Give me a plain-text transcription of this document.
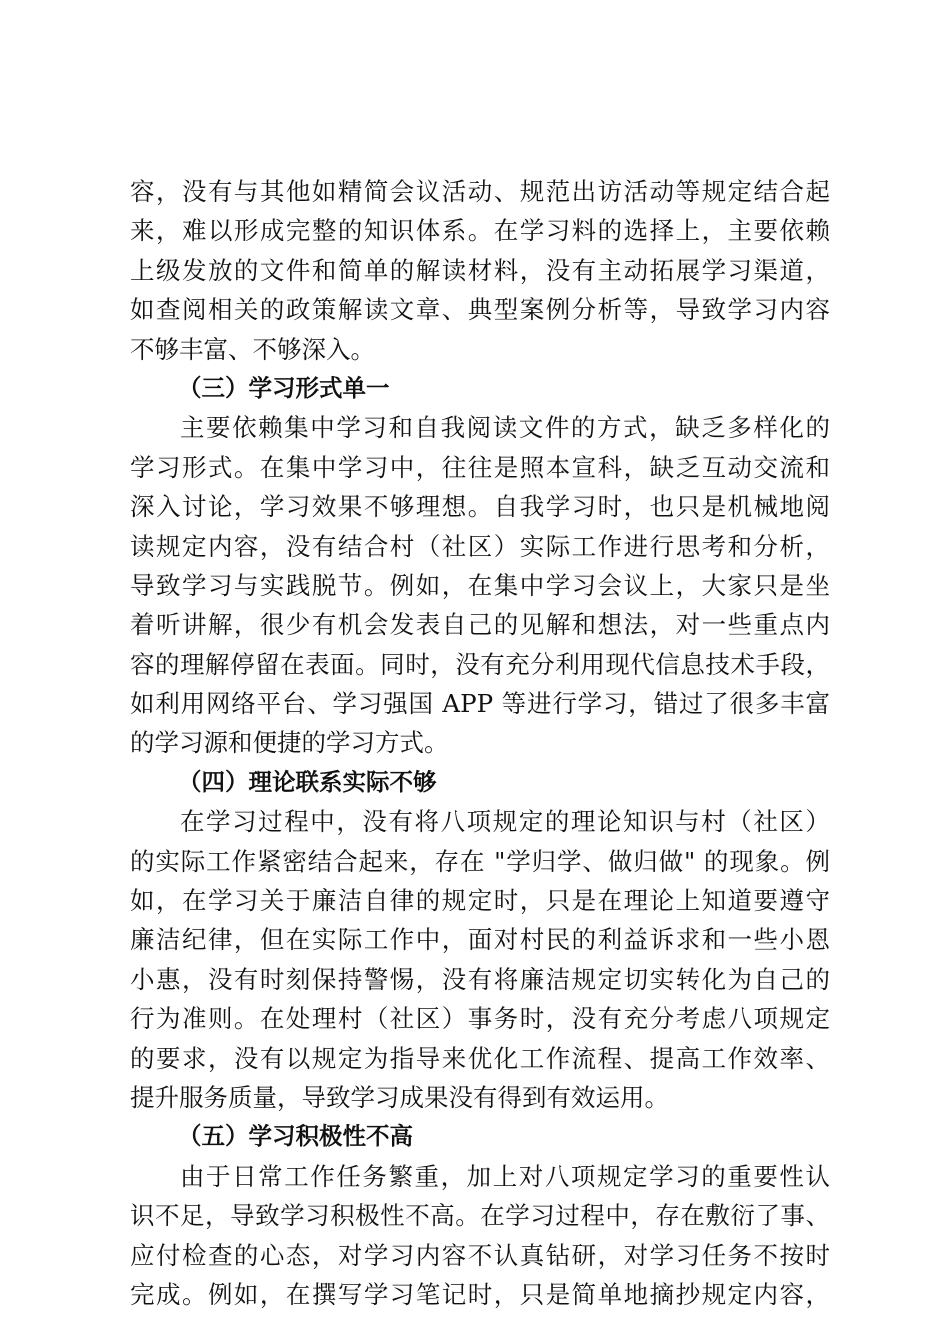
容，没有与其他如精简会议活动、规范出访活动等规定结合起
来，难以形成完整的知识体系。在学习料的选择上，主要依赖
上级发放的文件和简单的解读材料，没有主动拓展学习渠道，
如查阅相关的政策解读文章、典型案例分析等，导致学习内容
不够丰富、不够深入。
（三）学习形式单一
主要依赖集中学习和自我阅读文件的方式，缺乏多样化的
学习形式。在集中学习中，往往是照本宣科，缺乏互动交流和
深入讨论，学习效果不够理想。自我学习时，也只是机械地阅
读规定内容，没有结合村（社区）实际工作进行思考和分析，
导致学习与实践脱节。例如，在集中学习会议上，大家只是坐
着听讲解，很少有机会发表自己的见解和想法，对一些重点内
容的理解停留在表面。同时，没有充分利用现代信息技术手段，
如利用网络平台、学习强国 APP 等进行学习，错过了很多丰富
的学习源和便捷的学习方式。
（四）理论联系实际不够
在学习过程中，没有将八项规定的理论知识与村（社区）
的实际工作紧密结合起来，存在 "学归学、做归做" 的现象。例
如，在学习关于廉洁自律的规定时，只是在理论上知道要遵守
廉洁纪律，但在实际工作中，面对村民的利益诉求和一些小恩
小惠，没有时刻保持警惕，没有将廉洁规定切实转化为自己的
行为准则。在处理村（社区）事务时，没有充分考虑八项规定
的要求，没有以规定为指导来优化工作流程、提高工作效率、
提升服务质量，导致学习成果没有得到有效运用。
（五）学习积极性不高
由于日常工作任务繁重，加上对八项规定学习的重要性认
识不足，导致学习积极性不高。在学习过程中，存在敷衍了事、
应付检查的心态，对学习内容不认真钻研，对学习任务不按时
完成。例如，在撰写学习笔记时，只是简单地摘抄规定内容，
